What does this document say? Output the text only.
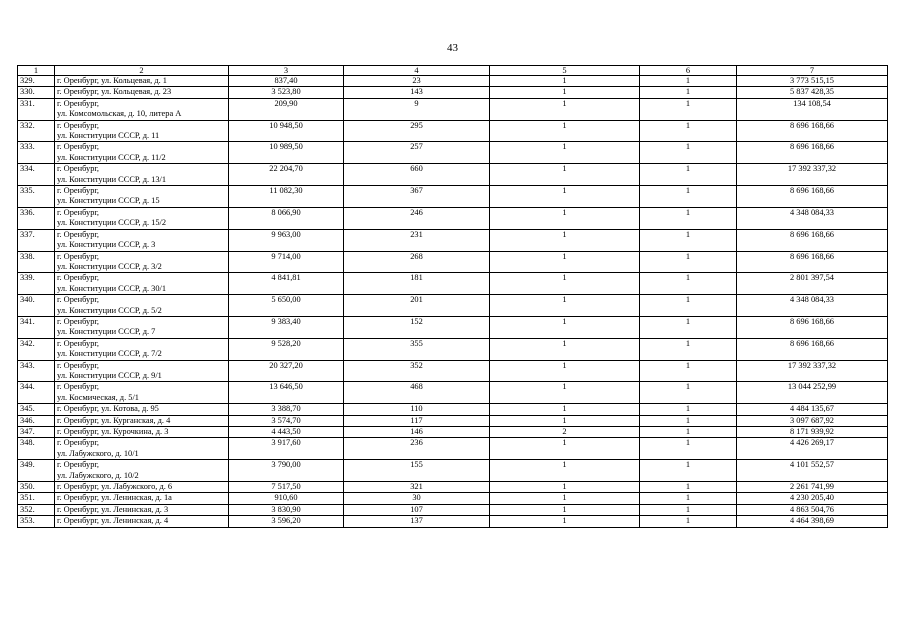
43
1	2	3	4	5	6	7
329.	г. Оренбург, ул. Кольцевая, д. 1	837,40	23	1	1	3 773 515,15
330.	г. Оренбург, ул. Кольцевая, д. 23	3 523,80	143	1	1	5 837 428,35
331.	г. Оренбург,
ул. Комсомольская, д. 10, литера А	209,90	9	1	1	134 108,54
332.	г. Оренбург,
ул. Конституции СССР, д. 11	10 948,50	295	1	1	8 696 168,66
333.	г. Оренбург,
ул. Конституции СССР, д. 11/2	10 989,50	257	1	1	8 696 168,66
334.	г. Оренбург,
ул. Конституции СССР, д. 13/1	22 204,70	660	1	1	17 392 337,32
335.	г. Оренбург,
ул. Конституции СССР, д. 15	11 082,30	367	1	1	8 696 168,66
336.	г. Оренбург,
ул. Конституции СССР, д. 15/2	8 066,90	246	1	1	4 348 084,33
337.	г. Оренбург,
ул. Конституции СССР, д. 3	9 963,00	231	1	1	8 696 168,66
338.	г. Оренбург,
ул. Конституции СССР, д. 3/2	9 714,00	268	1	1	8 696 168,66
339.	г. Оренбург,
ул. Конституции СССР, д. 30/1	4 841,81	181	1	1	2 801 397,54
340.	г. Оренбург,
ул. Конституции СССР, д. 5/2	5 650,00	201	1	1	4 348 084,33
341.	г. Оренбург,
ул. Конституции СССР, д. 7	9 383,40	152	1	1	8 696 168,66
342.	г. Оренбург,
ул. Конституции СССР, д. 7/2	9 528,20	355	1	1	8 696 168,66
343.	г. Оренбург,
ул. Конституции СССР, д. 9/1	20 327,20	352	1	1	17 392 337,32
344.	г. Оренбург,
ул. Космическая, д. 5/1	13 646,50	468	1	1	13 044 252,99
345.	г. Оренбург, ул. Котова, д. 95	3 388,70	110	1	1	4 484 135,67
346.	г. Оренбург, ул. Курганская, д. 4	3 574,70	117	1	1	3 097 687,92
347.	г. Оренбург, ул. Курочкина, д. 3	4 443,50	146	2	1	8 171 939,92
348.	г. Оренбург,
ул. Лабужского, д. 10/1	3 917,60	236	1	1	4 426 269,17
349.	г. Оренбург,
ул. Лабужского, д. 10/2	3 790,00	155	1	1	4 101 552,57
350.	г. Оренбург, ул. Лабужского, д. 6	7 517,50	321	1	1	2 261 741,99
351.	г. Оренбург, ул. Ленинская, д. 1а	910,60	30	1	1	4 230 205,40
352.	г. Оренбург, ул. Ленинская, д. 3	3 830,90	107	1	1	4 863 504,76
353.	г. Оренбург, ул. Ленинская, д. 4	3 596,20	137	1	1	4 464 398,69
